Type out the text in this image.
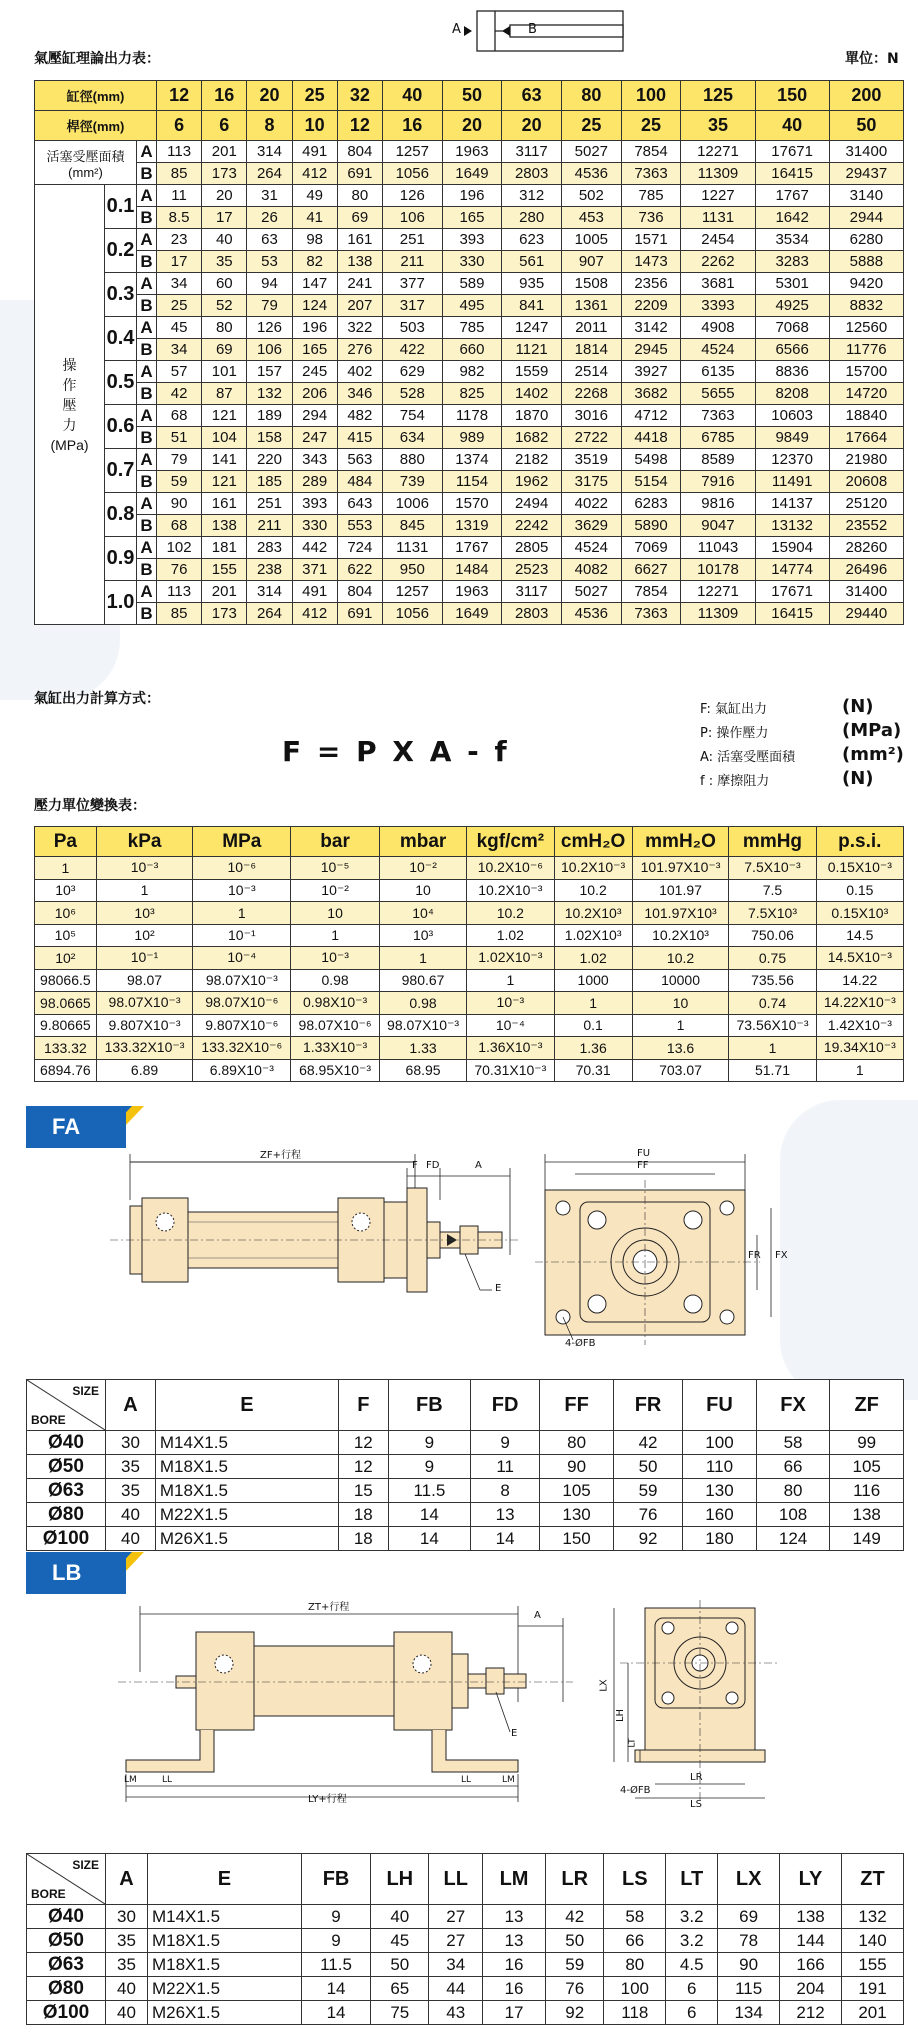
氣壓缸理論出力表：	單位：N
A	B
缸徑(mm)			12	16	20	25	32	40	50	63	80	100	125	150	200
桿徑(mm)			6	6	8	10	12	16	20	20	25	25	35	40	50

活塞受壓面積
(mm²)		A	113	201	314	491	804	1257	1963	3117	5027	7854	12271	17671	31400
		B	85	173	264	412	691	1056	1649	2803	4536	7363	11309	16415	29437

操
作
壓
力
(MPa)	0.1	A	11	20	31	49	80	126	196	312	502	785	1227	1767	3140
		B	8.5	17	26	41	69	106	165	280	453	736	1131	1642	2944
	0.2	A	23	40	63	98	161	251	393	623	1005	1571	2454	3534	6280
		B	17	35	53	82	138	211	330	561	907	1473	2262	3283	5888
	0.3	A	34	60	94	147	241	377	589	935	1508	2356	3681	5301	9420
		B	25	52	79	124	207	317	495	841	1361	2209	3393	4925	8832
	0.4	A	45	80	126	196	322	503	785	1247	2011	3142	4908	7068	12560
		B	34	69	106	165	276	422	660	1121	1814	2945	4524	6566	11776
	0.5	A	57	101	157	245	402	629	982	1559	2514	3927	6135	8836	15700
		B	42	87	132	206	346	528	825	1402	2268	3682	5655	8208	14720
	0.6	A	68	121	189	294	482	754	1178	1870	3016	4712	7363	10603	18840
		B	51	104	158	247	415	634	989	1682	2722	4418	6785	9849	17664
	0.7	A	79	141	220	343	563	880	1374	2182	3519	5498	8589	12370	21980
		B	59	121	185	289	484	739	1154	1962	3175	5154	7916	11491	20608
	0.8	A	90	161	251	393	643	1006	1570	2494	4022	6283	9816	14137	25120
		B	68	138	211	330	553	845	1319	2242	3629	5890	9047	13132	23552
	0.9	A	102	181	283	442	724	1131	1767	2805	4524	7069	11043	15904	28260
		B	76	155	238	371	622	950	1484	2523	4082	6627	10178	14774	26496
	1.0	A	113	201	314	491	804	1257	1963	3117	5027	7854	12271	17671	31400
		B	85	173	264	412	691	1056	1649	2803	4536	7363	11309	16415	29440
氣缸出力計算方式：
F = P X A - f
F: 氣缸出力	(N)
P: 操作壓力	(MPa)
A: 活塞受壓面積	(mm²)
f : 摩擦阻力	(N)
壓力單位變換表：
Pa	kPa	MPa	bar	mbar	kgf/cm²	cmH₂O	mmH₂O	mmHg	p.s.i.
1	10⁻³	10⁻⁶	10⁻⁵	10⁻²	10.2X10⁻⁶	10.2X10⁻³	101.97X10⁻³	7.5X10⁻³	0.15X10⁻³
10³	1	10⁻³	10⁻²	10	10.2X10⁻³	10.2	101.97	7.5	0.15
10⁶	10³	1	10	10⁴	10.2	10.2X10³	101.97X10³	7.5X10³	0.15X10³
10⁵	10²	10⁻¹	1	10³	1.02	1.02X10³	10.2X10³	750.06	14.5
10²	10⁻¹	10⁻⁴	10⁻³	1	1.02X10⁻³	1.02	10.2	0.75	14.5X10⁻³
98066.5	98.07	98.07X10⁻³	0.98	980.67	1	1000	10000	735.56	14.22
98.0665	98.07X10⁻³	98.07X10⁻⁶	0.98X10⁻³	0.98	10⁻³	1	10	0.74	14.22X10⁻³
9.80665	9.807X10⁻³	9.807X10⁻⁶	98.07X10⁻⁶	98.07X10⁻³	10⁻⁴	0.1	1	73.56X10⁻³	1.42X10⁻³
133.32	133.32X10⁻³	133.32X10⁻⁶	1.33X10⁻³	1.33	1.36X10⁻³	1.36	13.6	1	19.34X10⁻³
6894.76	6.89	6.89X10⁻³	68.95X10⁻³	68.95	70.31X10⁻³	70.31	703.07	51.71	1
FA
ZF+行程
F FD	A
E
FU
FF
FR FX
4-ØFB
SIZE
BORE	A	E	F	FB	FD	FF	FR	FU	FX	ZF
Ø40	30	M14X1.5	12	9	9	80	42	100	58	99
Ø50	35	M18X1.5	12	9	11	90	50	110	66	105
Ø63	35	M18X1.5	15	11.5	8	105	59	130	80	116
Ø80	40	M22X1.5	18	14	13	130	76	160	108	138
Ø100	40	M26X1.5	18	14	14	150	92	180	124	149
LB
ZT+行程
A
E
LM	LL	LL	LM
LY+行程
LX
LH
LT
LR
LS
4-ØFB
SIZE
BORE	A	E	FB	LH	LL	LM	LR	LS	LT	LX	LY	ZT
Ø40	30	M14X1.5	9	40	27	13	42	58	3.2	69	138	132
Ø50	35	M18X1.5	9	45	27	13	50	66	3.2	78	144	140
Ø63	35	M18X1.5	11.5	50	34	16	59	80	4.5	90	166	155
Ø80	40	M22X1.5	14	65	44	16	76	100	6	115	204	191
Ø100	40	M26X1.5	14	75	43	17	92	118	6	134	212	201
